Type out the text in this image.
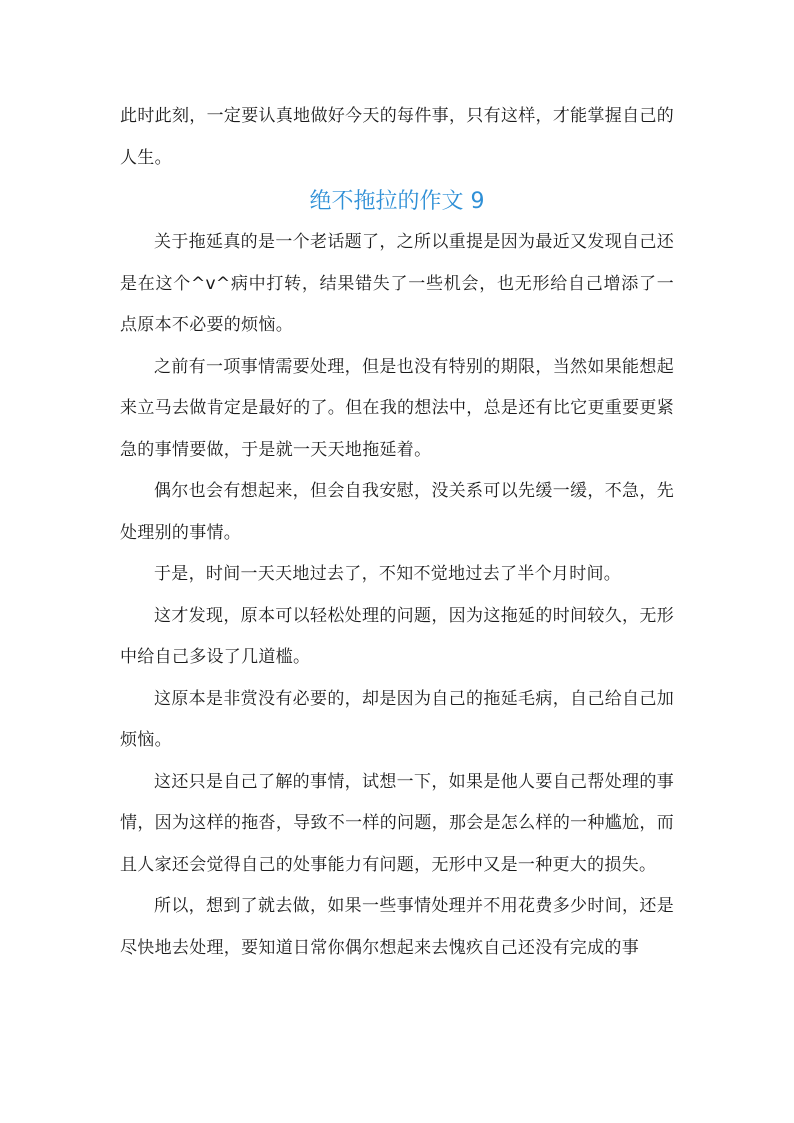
此时此刻，一定要认真地做好今天的每件事，只有这样，才能掌握自己的人生。

绝不拖拉的作文 9

关于拖延真的是一个老话题了，之所以重提是因为最近又发现自己还是在这个^v^病中打转，结果错失了一些机会，也无形给自己增添了一点原本不必要的烦恼。

之前有一项事情需要处理，但是也没有特别的期限，当然如果能想起来立马去做肯定是最好的了。但在我的想法中，总是还有比它更重要更紧急的事情要做，于是就一天天地拖延着。

偶尔也会有想起来，但会自我安慰，没关系可以先缓一缓，不急，先处理别的事情。

于是，时间一天天地过去了，不知不觉地过去了半个月时间。

这才发现，原本可以轻松处理的问题，因为这拖延的时间较久，无形中给自己多设了几道槛。

这原本是非赏没有必要的，却是因为自己的拖延毛病，自己给自己加烦恼。

这还只是自己了解的事情，试想一下，如果是他人要自己帮处理的事情，因为这样的拖沓，导致不一样的问题，那会是怎么样的一种尴尬，而且人家还会觉得自己的处事能力有问题，无形中又是一种更大的损失。

所以，想到了就去做，如果一些事情处理并不用花费多少时间，还是尽快地去处理，要知道日常你偶尔想起来去愧疚自己还没有完成的事
